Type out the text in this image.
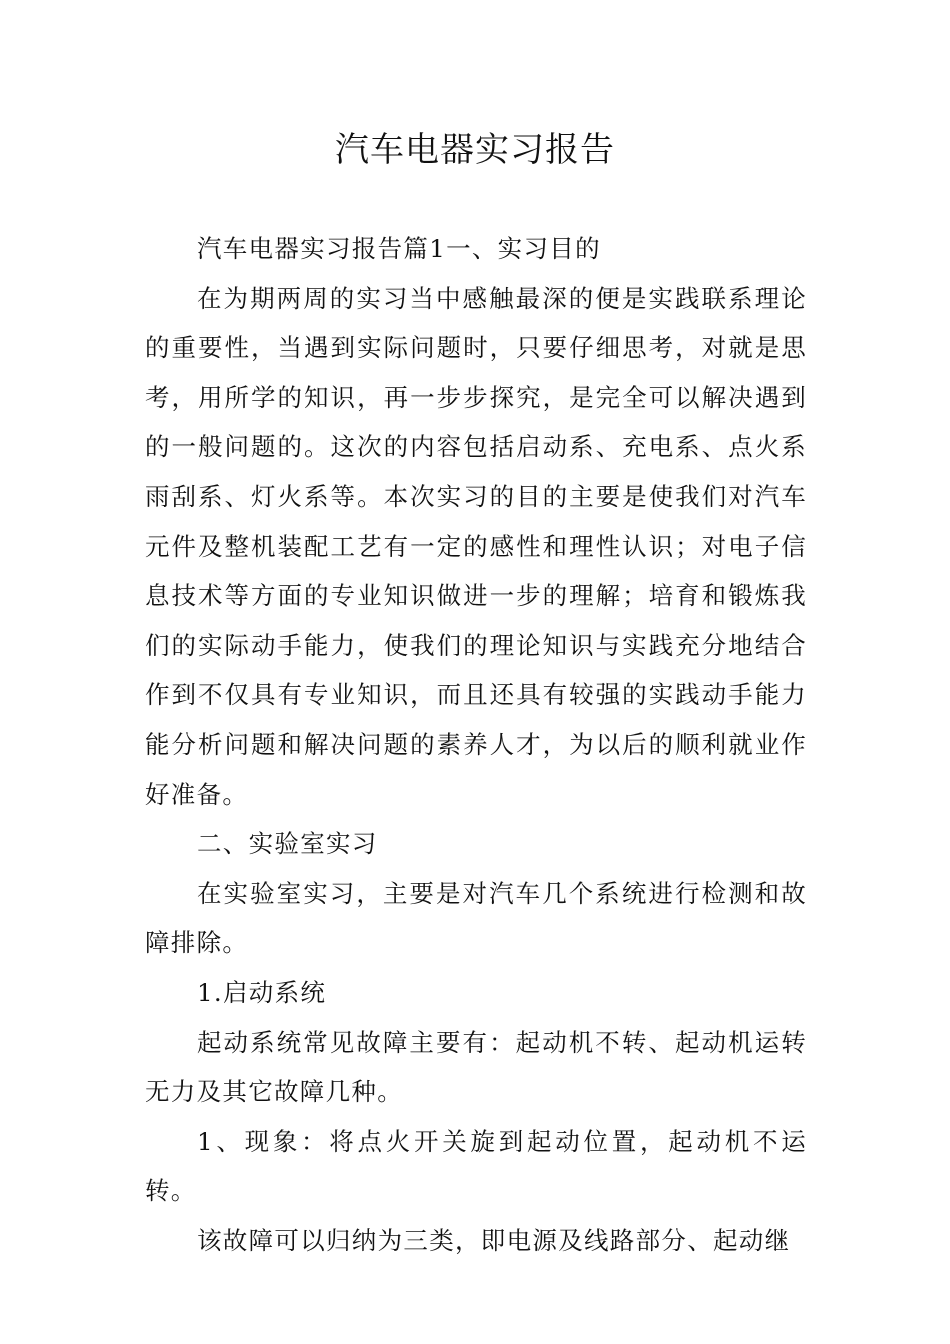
汽车电器实习报告

汽车电器实习报告篇1一、实习目的

在为期两周的实习当中感触最深的便是实践联系理论的重要性，当遇到实际问题时，只要仔细思考，对就是思考，用所学的知识，再一步步探究，是完全可以解决遇到的一般问题的。这次的内容包括启动系、充电系、点火系雨刮系、灯火系等。本次实习的目的主要是使我们对汽车元件及整机装配工艺有一定的感性和理性认识；对电子信息技术等方面的专业知识做进一步的理解；培育和锻炼我们的实际动手能力，使我们的理论知识与实践充分地结合作到不仅具有专业知识，而且还具有较强的实践动手能力能分析问题和解决问题的素养人才，为以后的顺利就业作好准备。

二、实验室实习

在实验室实习，主要是对汽车几个系统进行检测和故障排除。

1.启动系统

起动系统常见故障主要有：起动机不转、起动机运转无力及其它故障几种。

1、现象：将点火开关旋到起动位置，起动机不运转。

该故障可以归纳为三类，即电源及线路部分、起动继
